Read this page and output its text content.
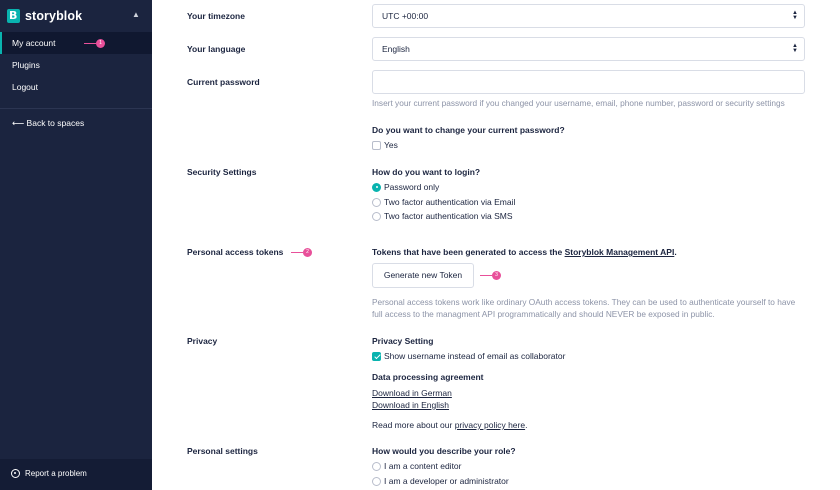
B storyblok	▲
My account
Plugins
Logout
1
⟵ Back to spaces
Report a problem
Your timezone	UTC +00:00	▲
▼
Your language	English	▲
▼
Current password
Insert your current password if you changed your username, email, phone number, password or security settings
Do you want to change your current password?
Yes
Security Settings	How do you want to login?
Password only
Two factor authentication via Email
Two factor authentication via SMS
Personal access tokens	2	Tokens that have been generated to access the Storyblok Management API.
Generate new Token	3
Personal access tokens work like ordinary OAuth access tokens. They can be used to authenticate yourself to have
full access to the managment API programmatically and should NEVER be exposed in public.
Privacy	Privacy Setting
Show username instead of email as collaborator
Data processing agreement
Download in German
Download in English
Read more about our privacy policy here.
Personal settings	How would you describe your role?
I am a content editor
I am a developer or administrator
